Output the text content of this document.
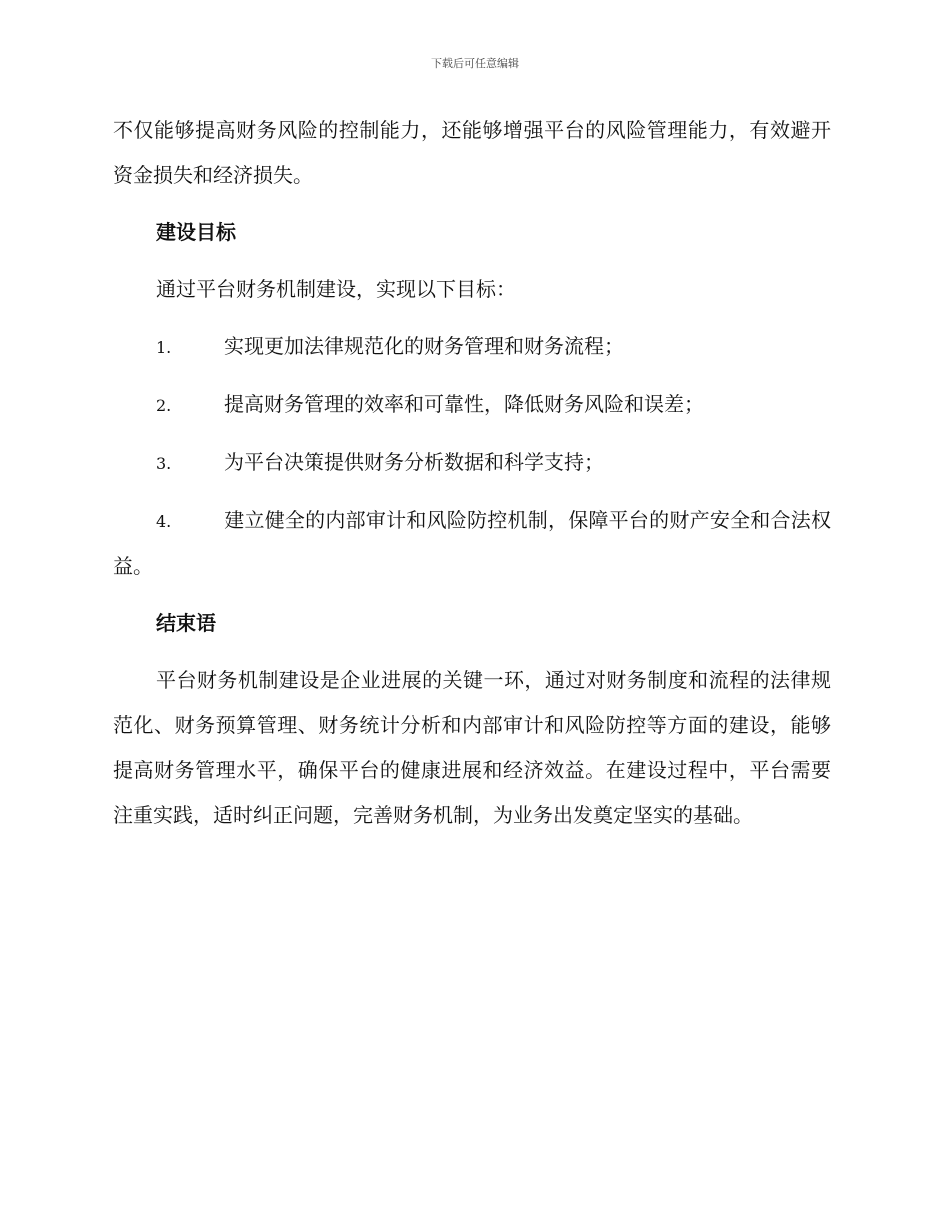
下载后可任意编辑

不仅能够提高财务风险的控制能力，还能够增强平台的风险管理能力，有效避开资金损失和经济损失。

建设目标

通过平台财务机制建设，实现以下目标：

1.	实现更加法律规范化的财务管理和财务流程；

2.	提高财务管理的效率和可靠性，降低财务风险和误差；

3.	为平台决策提供财务分析数据和科学支持；

4.	建立健全的内部审计和风险防控机制，保障平台的财产安全和合法权益。

结束语

平台财务机制建设是企业进展的关键一环，通过对财务制度和流程的法律规范化、财务预算管理、财务统计分析和内部审计和风险防控等方面的建设，能够提高财务管理水平，确保平台的健康进展和经济效益。在建设过程中，平台需要注重实践，适时纠正问题，完善财务机制，为业务出发奠定坚实的基础。
